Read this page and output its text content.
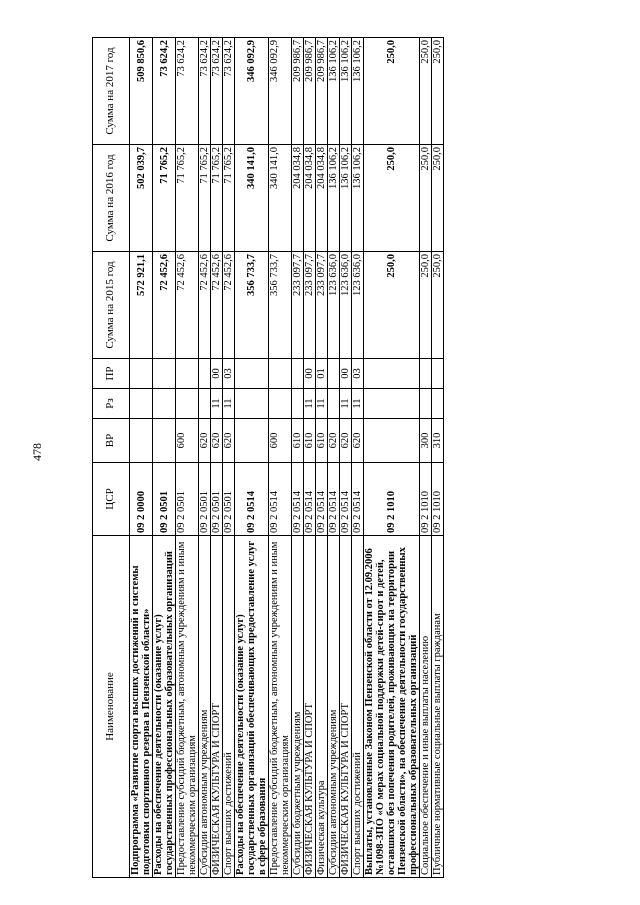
478
Наименование	ЦСР	ВР	Рз	ПР	Сумма на 2015 год	Сумма на 2016 год	Сумма на 2017 год
Подпрограмма «Развитие спорта высших достижений и системы подготовки спортивного резерва в Пензенской области»	09 2 0000				572 921,1	502 039,7	509 850,6
Расходы на обеспечение деятельности (оказание услуг) государственных профессиональных образовательных организаций	09 2 0501				72 452,6	71 765,2	73 624,2
Предоставление субсидий бюджетным, автономным учреждениям и иным некоммерческим организациям	09 2 0501	600			72 452,6	71 765,2	73 624,2
Субсидии автономным учреждениям	09 2 0501	620			72 452,6	71 765,2	73 624,2
ФИЗИЧЕСКАЯ КУЛЬТУРА И СПОРТ	09 2 0501	620	11	00	72 452,6	71 765,2	73 624,2
Спорт высших достижений	09 2 0501	620	11	03	72 452,6	71 765,2	73 624,2
Расходы на обеспечение деятельности (оказание услуг) государственных организаций обеспечивающих предоставление услуг в сфере образования	09 2 0514				356 733,7	340 141,0	346 092,9
Предоставление субсидий бюджетным, автономным учреждениям и иным некоммерческим организациям	09 2 0514	600			356 733,7	340 141,0	346 092,9
Субсидии бюджетным учреждениям	09 2 0514	610			233 097,7	204 034,8	209 986,7
ФИЗИЧЕСКАЯ КУЛЬТУРА И СПОРТ	09 2 0514	610	11	00	233 097,7	204 034,8	209 986,7
Физическая культура	09 2 0514	610	11	01	233 097,7	204 034,8	209 986,7
Субсидии автономным учреждениям	09 2 0514	620			123 636,0	136 106,2	136 106,2
ФИЗИЧЕСКАЯ КУЛЬТУРА И СПОРТ	09 2 0514	620	11	00	123 636,0	136 106,2	136 106,2
Спорт высших достижений	09 2 0514	620	11	03	123 636,0	136 106,2	136 106,2
Выплаты, установленные Законом Пензенской области от 12.09.2006 №1098-ЗПО «О мерах социальной поддержки детей-сирот и детей, оставшихся без попечения родителей, проживающих на территории Пензенской области», на обеспечение деятельности государственных профессиональных образовательных организаций	09 2 1010				250,0	250,0	250,0
Социальное обеспечение и иные выплаты населению	09 2 1010	300			250,0	250,0	250,0
Публичные нормативные социальные выплаты гражданам	09 2 1010	310			250,0	250,0	250,0
